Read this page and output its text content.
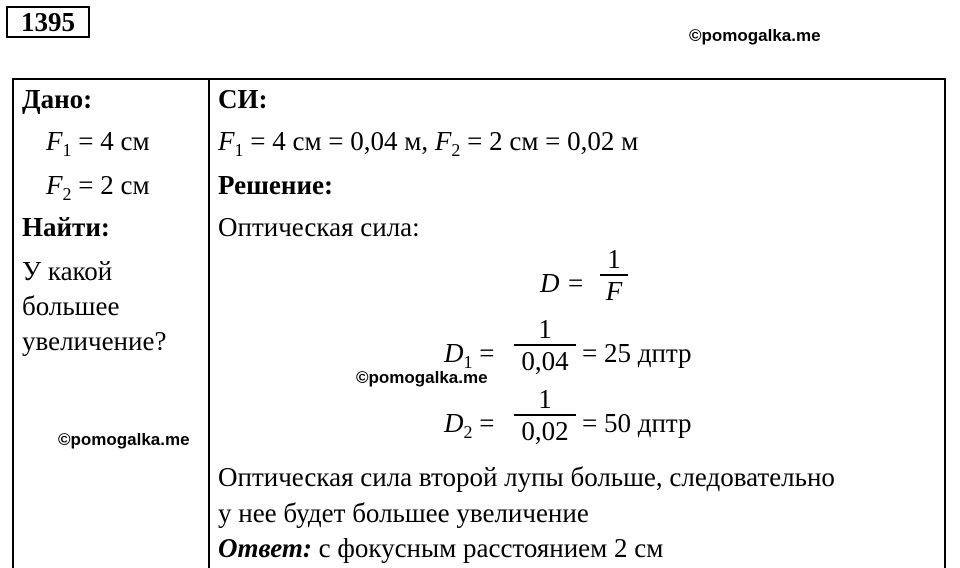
1395	©pomogalka.me
Дано:
$F_1 = 4$ см
$F_2 = 2$ см
Найти:
У какой
большее
увеличение?
©pomogalka.me
СИ:
$F_1 = 4$ см = 0,04 м, $F_2 = 2$ см = 0,02 м
Решение:
Оптическая сила:
D =
1
F
$D_1$ =
1
0,04 = 25 дптр
©pomogalka.me
$D_2$ =
1
0,02 = 50 дптр
Оптическая сила второй лупы больше, следовательно
у нее будет большее увеличение
Ответ: с фокусным расстоянием 2 см
